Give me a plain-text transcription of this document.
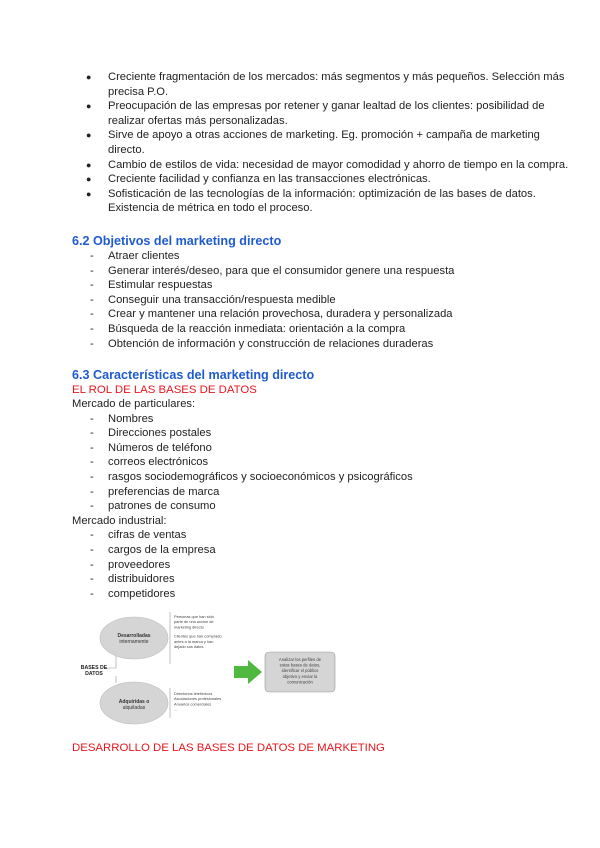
● Creciente fragmentación de los mercados: más segmentos y más pequeños. Selección más precisa P.O.
● Preocupación de las empresas por retener y ganar lealtad de los clientes: posibilidad de realizar ofertas más personalizadas.
● Sirve de apoyo a otras acciones de marketing. Eg. promoción + campaña de marketing directo.
● Cambio de estilos de vida: necesidad de mayor comodidad y ahorro de tiempo en la compra.
● Creciente facilidad y confianza en las transacciones electrónicas.
● Sofisticación de las tecnologías de la información: optimización de las bases de datos. Existencia de métrica en todo el proceso.
6.2 Objetivos del marketing directo
- Atraer clientes
- Generar interés/deseo, para que el consumidor genere una respuesta
- Estimular respuestas
- Conseguir una transacción/respuesta medible
- Crear y mantener una relación provechosa, duradera y personalizada
- Búsqueda de la reacción inmediata: orientación a la compra
- Obtención de información y construcción de relaciones duraderas
6.3 Características del marketing directo
EL ROL DE LAS BASES DE DATOS
Mercado de particulares:
- Nombres
- Direcciones postales
- Números de teléfono
- correos electrónicos
- rasgos sociodemográficos y socioeconómicos y psicográficos
- preferencias de marca
- patrones de consumo
Mercado industrial:
- cifras de ventas
- cargos de la empresa
- proveedores
- distribuidores
- competidores
Desarrolladas
internamente
Adquiridas o
alquiladas
BASES DE
DATOS
Personas que han sido
parte de una acción de
marketing directo
Clientes que han comprado
antes a la marca y han
dejado sus datos
Directorios telefónicos
Asociaciones profesionales
Anuarios comerciales
...
Analizar los perfiles de
estas bases de datos,
identificar el público
objetivo y enviar la
comunicación
DESARROLLO DE LAS BASES DE DATOS DE MARKETING
